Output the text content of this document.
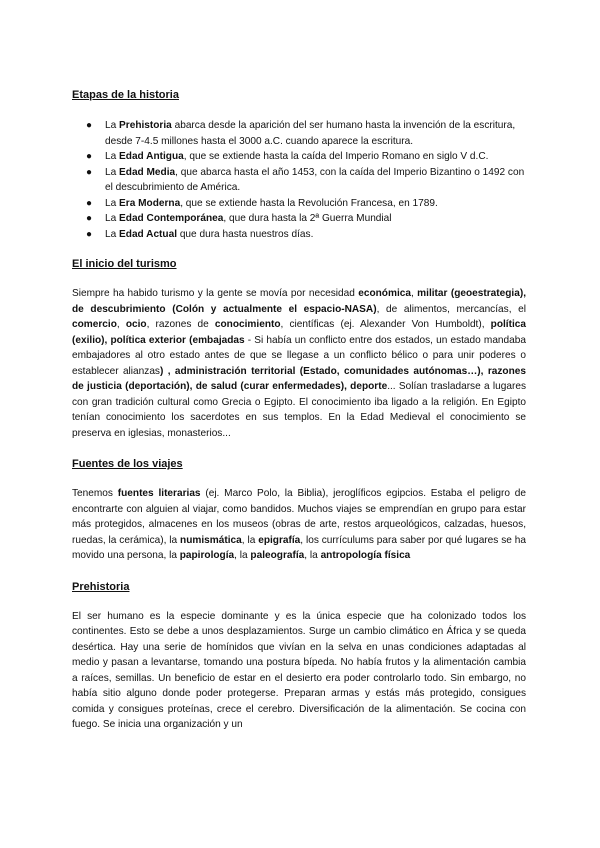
Etapas de la historia
● La Prehistoria abarca desde la aparición del ser humano hasta la invención de la escritura, desde 7-4.5 millones hasta el 3000 a.C. cuando aparece la escritura.
● La Edad Antigua, que se extiende hasta la caída del Imperio Romano en siglo V d.C.
● La Edad Media, que abarca hasta el año 1453, con la caída del Imperio Bizantino o 1492 con el descubrimiento de América.
● La Era Moderna, que se extiende hasta la Revolución Francesa, en 1789.
● La Edad Contemporánea, que dura hasta la 2ª Guerra Mundial
● La Edad Actual que dura hasta nuestros días.
El inicio del turismo

Siempre ha habido turismo y la gente se movía por necesidad económica, militar (geoestrategia), de descubrimiento (Colón y actualmente el espacio-NASA), de alimentos, mercancías, el comercio, ocio, razones de conocimiento, científicas (ej. Alexander Von Humboldt), política (exilio), política exterior (embajadas - Si había un conflicto entre dos estados, un estado mandaba embajadores al otro estado antes de que se llegase a un conflicto bélico o para unir poderes o establecer alianzas) , administración territorial (Estado, comunidades autónomas…), razones de justicia (deportación), de salud (curar enfermedades), deporte... Solían trasladarse a lugares con gran tradición cultural como Grecia o Egipto. El conocimiento iba ligado a la religión. En Egipto tenían conocimiento los sacerdotes en sus templos. En la Edad Medieval el conocimiento se preserva en iglesias, monasterios...

Fuentes de los viajes

Tenemos fuentes literarias (ej. Marco Polo, la Biblia), jeroglíficos egipcios. Estaba el peligro de encontrarte con alguien al viajar, como bandidos. Muchos viajes se emprendían en grupo para estar más protegidos, almacenes en los museos (obras de arte, restos arqueológicos, calzadas, huesos, ruedas, la cerámica), la numismática, la epigrafía, los currículums para saber por qué lugares se ha movido una persona, la papirología, la paleografía, la antropología física

Prehistoria

El ser humano es la especie dominante y es la única especie que ha colonizado todos los continentes. Esto se debe a unos desplazamientos. Surge un cambio climático en África y se queda desértica. Hay una serie de homínidos que vivían en la selva en unas condiciones adaptadas al medio y pasan a levantarse, tomando una postura bípeda. No había frutos y la alimentación cambia a raíces, semillas. Un beneficio de estar en el desierto era poder controlarlo todo. Sin embargo, no había sitio alguno donde poder protegerse. Preparan armas y estás más protegido, consigues comida y consigues proteínas, crece el cerebro. Diversificación de la alimentación. Se cocina con fuego. Se inicia una organización y un
